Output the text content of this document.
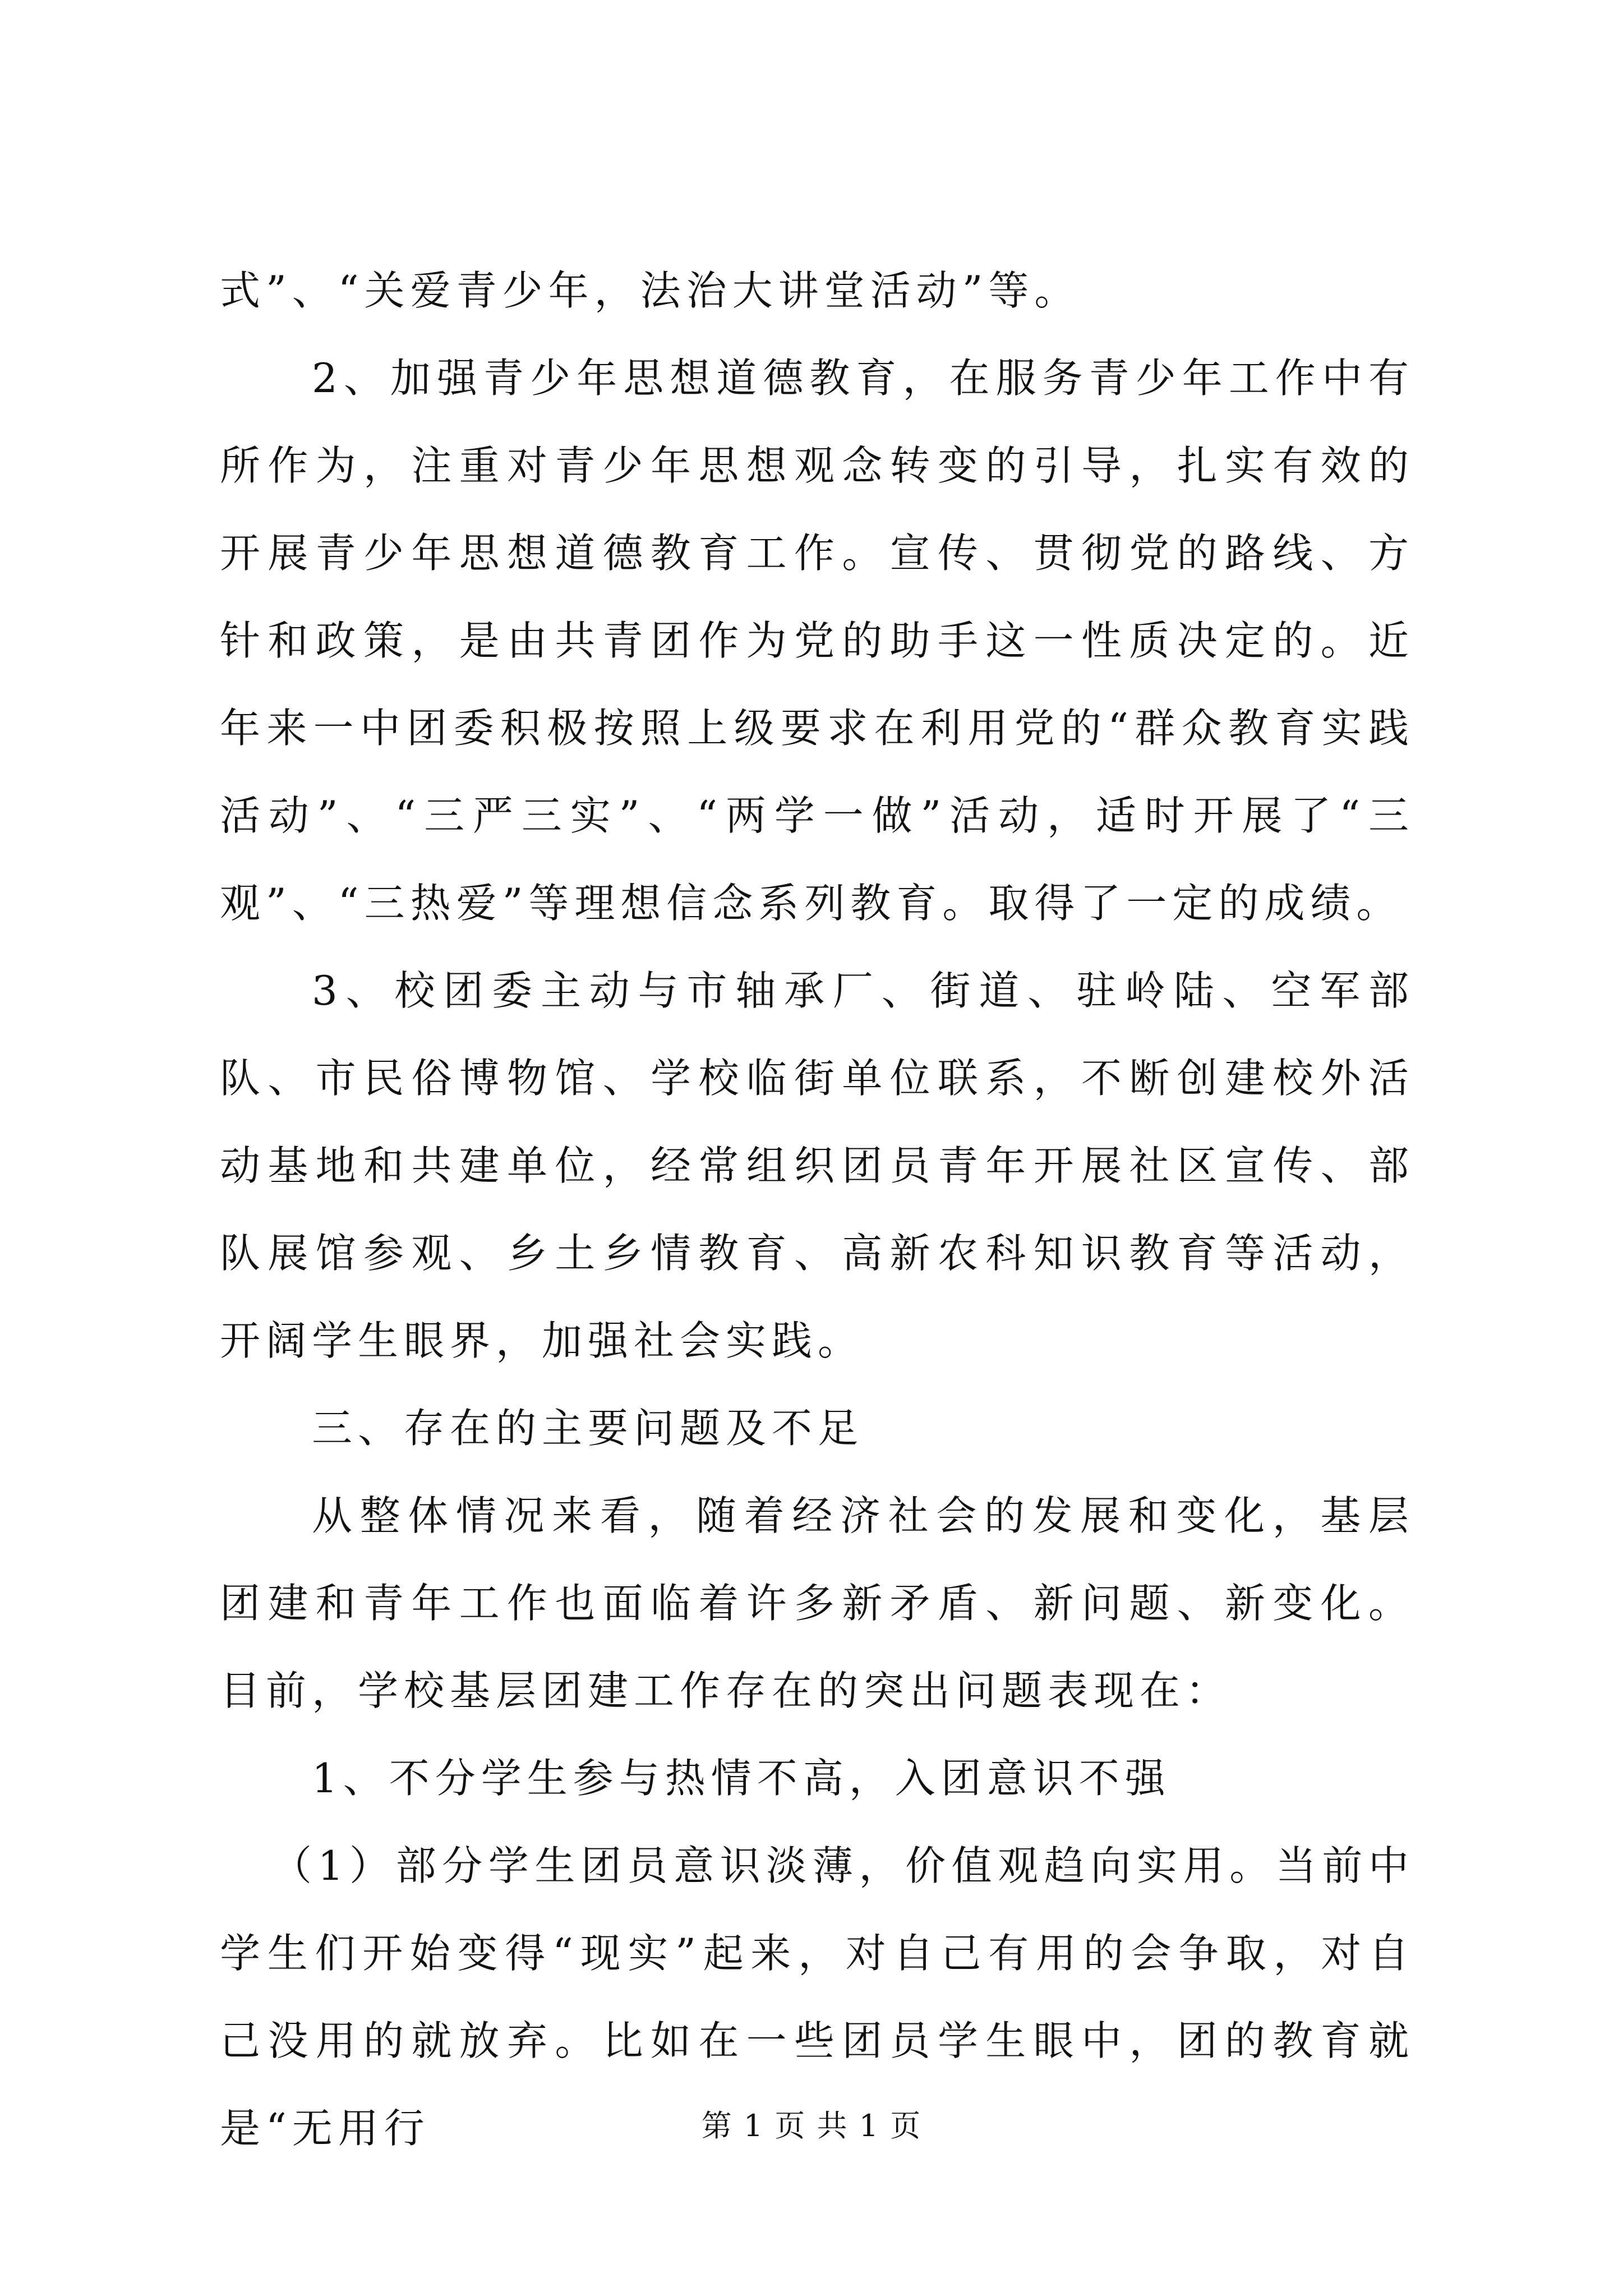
式”、“关爱青少年，法治大讲堂活动”等。

2、加强青少年思想道德教育，在服务青少年工作中有所作为，注重对青少年思想观念转变的引导，扎实有效的开展青少年思想道德教育工作。宣传、贯彻党的路线、方针和政策，是由共青团作为党的助手这一性质决定的。近年来一中团委积极按照上级要求在利用党的“群众教育实践活动”、“三严三实”、“两学一做”活动，适时开展了“三观”、“三热爱”等理想信念系列教育。取得了一定的成绩。

3、校团委主动与市轴承厂、街道、驻岭陆、空军部队、市民俗博物馆、学校临街单位联系，不断创建校外活动基地和共建单位，经常组织团员青年开展社区宣传、部队展馆参观、乡土乡情教育、高新农科知识教育等活动，开阔学生眼界，加强社会实践。

三、存在的主要问题及不足

从整体情况来看，随着经济社会的发展和变化，基层团建和青年工作也面临着许多新矛盾、新问题、新变化。目前，学校基层团建工作存在的突出问题表现在：

1、不分学生参与热情不高，入团意识不强

（1）部分学生团员意识淡薄，价值观趋向实用。当前中学生们开始变得“现实”起来，对自己有用的会争取，对自己没用的就放弃。比如在一些团员学生眼中，团的教育就是“无用行	第 1 页 共 1 页
